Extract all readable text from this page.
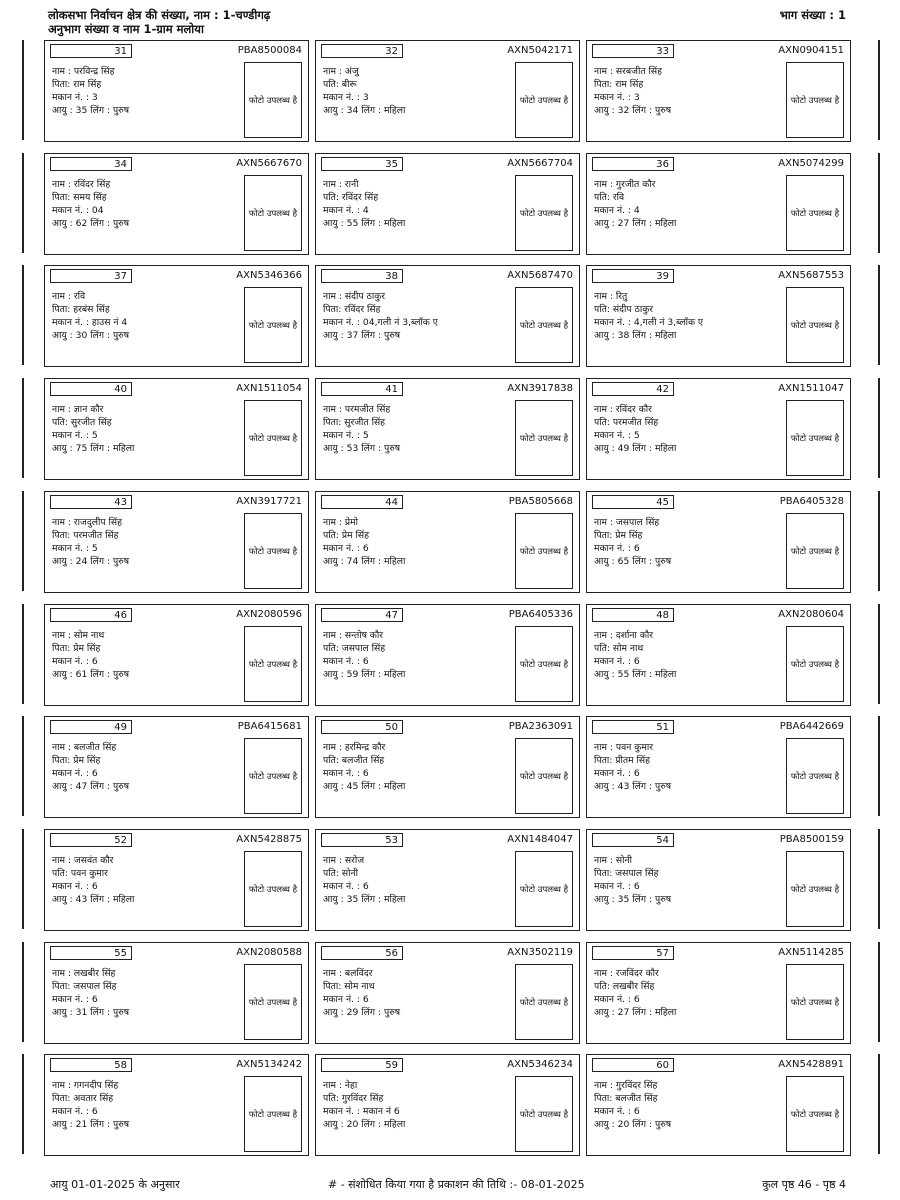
लोकसभा निर्वाचन क्षेत्र की संख्या, नाम : 1-चण्डीगढ़
अनुभाग संख्या व नाम 1-ग्राम मलोया
भाग संख्या : 1
31	PBA8500084
नाम : परविन्द्र सिंह
पिता: राम सिंह
मकान नं. : 3
आयु : 35 लिंग : पुरुष
फोटो उपलब्ध है
32	AXN5042171
नाम : अंजु
पति: बीरू
मकान नं. : 3
आयु : 34 लिंग : महिला
फोटो उपलब्ध है
33	AXN0904151
नाम : सरबजीत सिंह
पिता: राम सिंह
मकान नं. : 3
आयु : 32 लिंग : पुरुष
फोटो उपलब्ध है
34	AXN5667670
नाम : रविंदर सिंह
पिता: समय सिंह
मकान नं. : 04
आयु : 62 लिंग : पुरुष
फोटो उपलब्ध है
35	AXN5667704
नाम : रानी
पति: रविंदर सिंह
मकान नं. : 4
आयु : 55 लिंग : महिला
फोटो उपलब्ध है
36	AXN5074299
नाम : गुरजीत कौर
पति: रवि
मकान नं. : 4
आयु : 27 लिंग : महिला
फोटो उपलब्ध है
37	AXN5346366
नाम : रवि
पिता: हरबंस सिंह
मकान नं. : हाउस नं 4
आयु : 30 लिंग : पुरुष
फोटो उपलब्ध है
38	AXN5687470
नाम : संदीप ठाकुर
पिता: रविंदर सिंह
मकान नं. : 04,गली नं 3,ब्लॉक ए
आयु : 37 लिंग : पुरुष
फोटो उपलब्ध है
39	AXN5687553
नाम : रितु
पति: संदीप ठाकुर
मकान नं. : 4,गली नं 3,ब्लॉक ए
आयु : 38 लिंग : महिला
फोटो उपलब्ध है
40	AXN1511054
नाम : ज्ञान कौर
पति: सुरजीत सिंह
मकान नं. : 5
आयु : 75 लिंग : महिला
फोटो उपलब्ध है
41	AXN3917838
नाम : परमजीत सिंह
पिता: सुरजीत सिंह
मकान नं. : 5
आयु : 53 लिंग : पुरुष
फोटो उपलब्ध है
42	AXN1511047
नाम : रविंदर कौर
पति: परमजीत सिंह
मकान नं. : 5
आयु : 49 लिंग : महिला
फोटो उपलब्ध है
43	AXN3917721
नाम : राजदुलीप सिंह
पिता: परमजीत सिंह
मकान नं. : 5
आयु : 24 लिंग : पुरुष
फोटो उपलब्ध है
44	PBA5805668
नाम : प्रेमो
पति: प्रेम सिंह
मकान नं. : 6
आयु : 74 लिंग : महिला
फोटो उपलब्ध है
45	PBA6405328
नाम : जसपाल सिंह
पिता: प्रेम सिंह
मकान नं. : 6
आयु : 65 लिंग : पुरुष
फोटो उपलब्ध है
46	AXN2080596
नाम : सोम नाथ
पिता: प्रेम सिंह
मकान नं. : 6
आयु : 61 लिंग : पुरुष
फोटो उपलब्ध है
47	PBA6405336
नाम : सन्तोष कौर
पति: जसपाल सिंह
मकान नं. : 6
आयु : 59 लिंग : महिला
फोटो उपलब्ध है
48	AXN2080604
नाम : दर्शाना कौर
पति: सोम नाथ
मकान नं. : 6
आयु : 55 लिंग : महिला
फोटो उपलब्ध है
49	PBA6415681
नाम : बलजीत सिंह
पिता: प्रेम सिंह
मकान नं. : 6
आयु : 47 लिंग : पुरुष
फोटो उपलब्ध है
50	PBA2363091
नाम : हरमिन्द्र कौर
पति: बलजीत सिंह
मकान नं. : 6
आयु : 45 लिंग : महिला
फोटो उपलब्ध है
51	PBA6442669
नाम : पवन कुमार
पिता: प्रीतम सिंह
मकान नं. : 6
आयु : 43 लिंग : पुरुष
फोटो उपलब्ध है
52	AXN5428875
नाम : जसवंत कौर
पति: पवन कुमार
मकान नं. : 6
आयु : 43 लिंग : महिला
फोटो उपलब्ध है
53	AXN1484047
नाम : सरोज
पति: सोनी
मकान नं. : 6
आयु : 35 लिंग : महिला
फोटो उपलब्ध है
54	PBA8500159
नाम : सोनी
पिता: जसपाल सिंह
मकान नं. : 6
आयु : 35 लिंग : पुरुष
फोटो उपलब्ध है
55	AXN2080588
नाम : लखबीर सिंह
पिता: जसपाल सिंह
मकान नं. : 6
आयु : 31 लिंग : पुरुष
फोटो उपलब्ध है
56	AXN3502119
नाम : बलविंदर
पिता: सोम नाथ
मकान नं. : 6
आयु : 29 लिंग : पुरुष
फोटो उपलब्ध है
57	AXN5114285
नाम : रजविंदर कौर
पति: लखबीर सिंह
मकान नं. : 6
आयु : 27 लिंग : महिला
फोटो उपलब्ध है
58	AXN5134242
नाम : गगनदीप सिंह
पिता: अवतार सिंह
मकान नं. : 6
आयु : 21 लिंग : पुरुष
फोटो उपलब्ध है
59	AXN5346234
नाम : नेहा
पति: गुरविंदर सिंह
मकान नं. : मकान नं 6
आयु : 20 लिंग : महिला
फोटो उपलब्ध है
60	AXN5428891
नाम : गुरविंदर सिंह
पिता: बलजीत सिंह
मकान नं. : 6
आयु : 20 लिंग : पुरुष
फोटो उपलब्ध है
आयु 01-01-2025 के अनुसार	# - संशोधित किया गया है प्रकाशन की तिथि :- 08-01-2025	कुल पृष्ठ 46 - पृष्ठ 4
